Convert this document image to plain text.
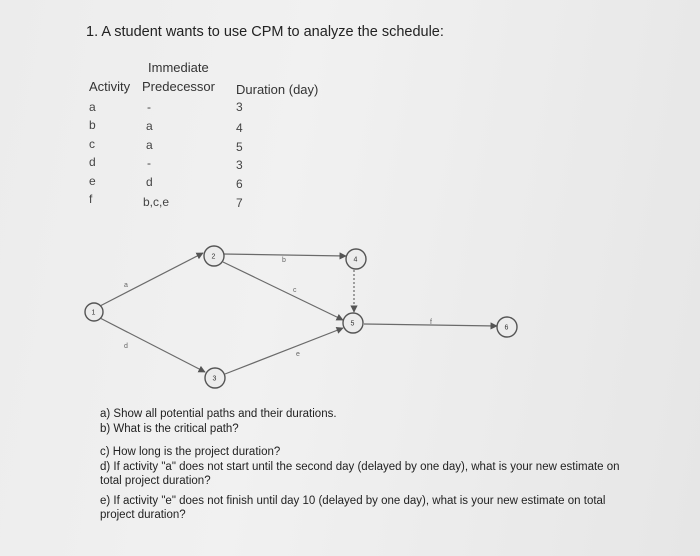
1. A student wants to use CPM to analyze the schedule:
Immediate
Activity Predecessor Duration (day)
a	-	3
b	a	4
c	a	5
d	-	3
e	d	6
f	b,c,e	7
a
d
b
c
e
f
1
2
3
4
5
6
a) Show all potential paths and their durations.
b) What is the critical path?
c) How long is the project duration?
d) If activity "a" does not start until the second day (delayed by one day), what is your new estimate on
total project duration?
e) If activity "e" does not finish until day 10 (delayed by one day), what is your new estimate on total
project duration?
